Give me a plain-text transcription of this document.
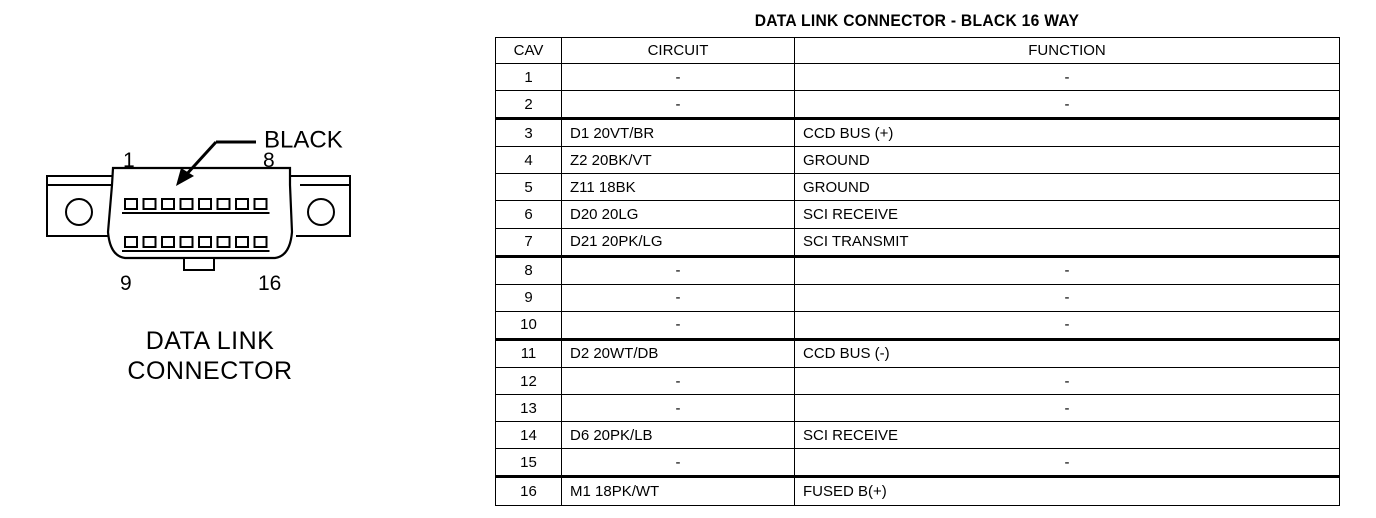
BLACK
1	8
9	16
DATA LINK
CONNECTOR
DATA LINK CONNECTOR - BLACK 16 WAY
CAV	CIRCUIT	FUNCTION
1	-	-
2	-	-
3	D1 20VT/BR	CCD BUS (+)
4	Z2 20BK/VT	GROUND
5	Z11 18BK	GROUND
6	D20 20LG	SCI RECEIVE
7	D21 20PK/LG	SCI TRANSMIT
8	-	-
9	-	-
10	-	-
11	D2 20WT/DB	CCD BUS (-)
12	-	-
13	-	-
14	D6 20PK/LB	SCI RECEIVE
15	-	-
16	M1 18PK/WT	FUSED B(+)
